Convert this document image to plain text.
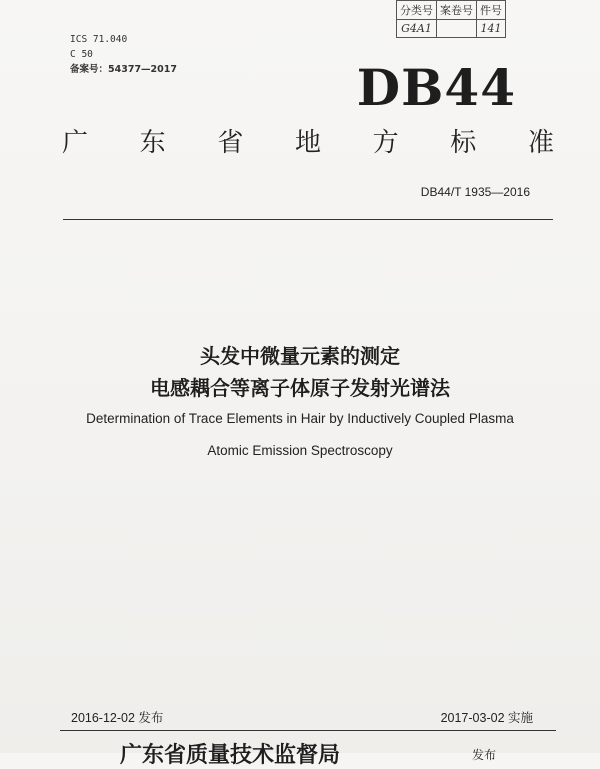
分类号	案卷号	件号
G4A1		141
ICS 71.040
C 50
备案号：54377—2017	DB44
广 东 省 地 方 标 准
DB44/T 1935—2016
头发中微量元素的测定
电感耦合等离子体原子发射光谱法
Determination of Trace Elements in Hair by Inductively Coupled Plasma
Atomic Emission Spectroscopy
2016-12-02 发布	2017-03-02 实施
广东省质量技术监督局	发布
